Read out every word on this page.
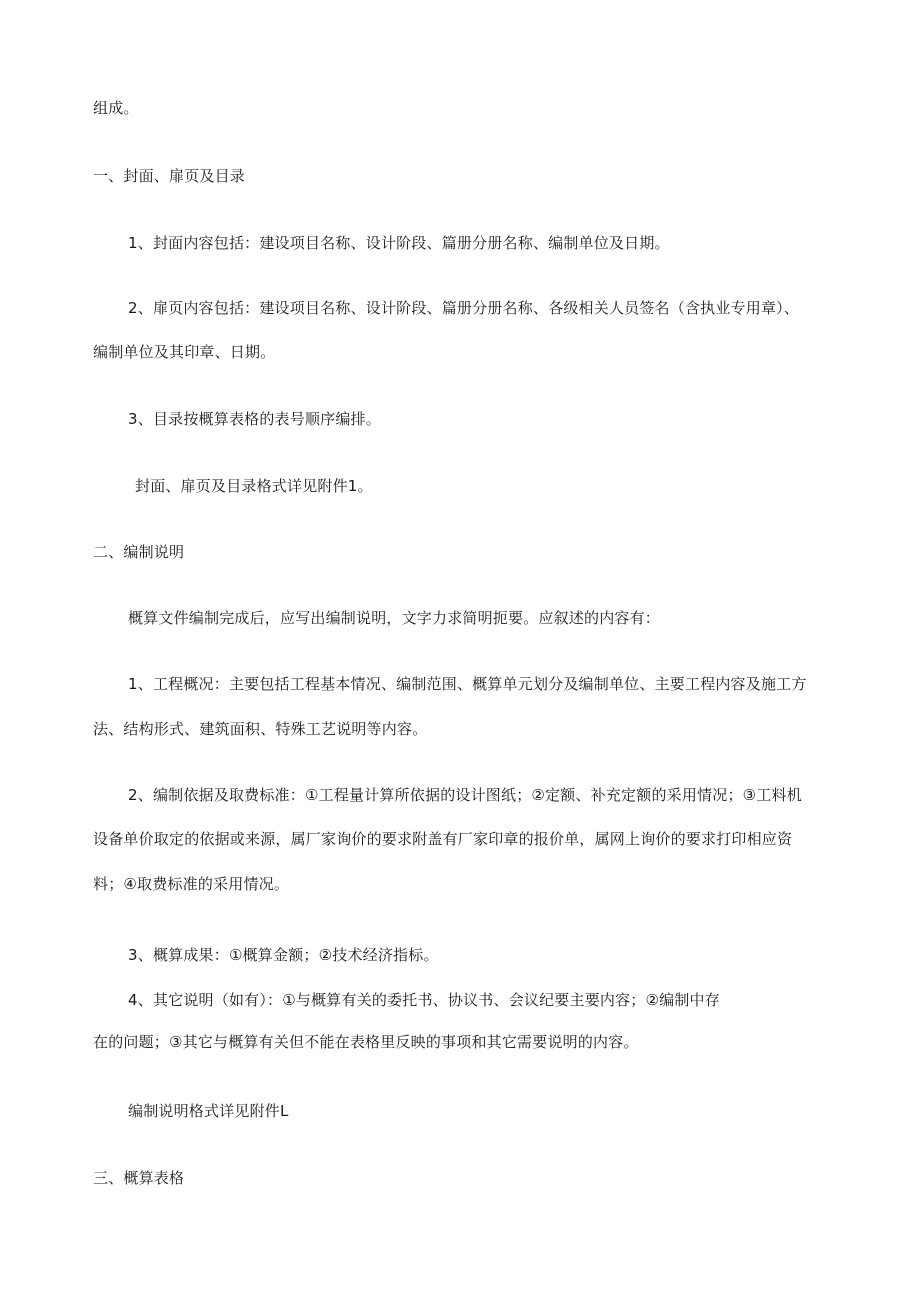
组成。
一、封面、扉页及目录
1、封面内容包括：建设项目名称、设计阶段、篇册分册名称、编制单位及日期。
2、扉页内容包括：建设项目名称、设计阶段、篇册分册名称、各级相关人员签名（含执业专用章）、
编制单位及其印章、日期。
3、目录按概算表格的表号顺序编排。
封面、扉页及目录格式详见附件1。
二、编制说明
概算文件编制完成后，应写出编制说明，文字力求简明扼要。应叙述的内容有：
1、工程概况：主要包括工程基本情况、编制范围、概算单元划分及编制单位、主要工程内容及施工方
法、结构形式、建筑面积、特殊工艺说明等内容。
2、编制依据及取费标准：①工程量计算所依据的设计图纸；②定额、补充定额的采用情况；③工料机
设备单价取定的依据或来源，属厂家询价的要求附盖有厂家印章的报价单，属网上询价的要求打印相应资
料；④取费标准的采用情况。
3、概算成果：①概算金额；②技术经济指标。
4、其它说明（如有）：①与概算有关的委托书、协议书、会议纪要主要内容；②编制中存
在的问题；③其它与概算有关但不能在表格里反映的事项和其它需要说明的内容。
编制说明格式详见附件L
三、概算表格
